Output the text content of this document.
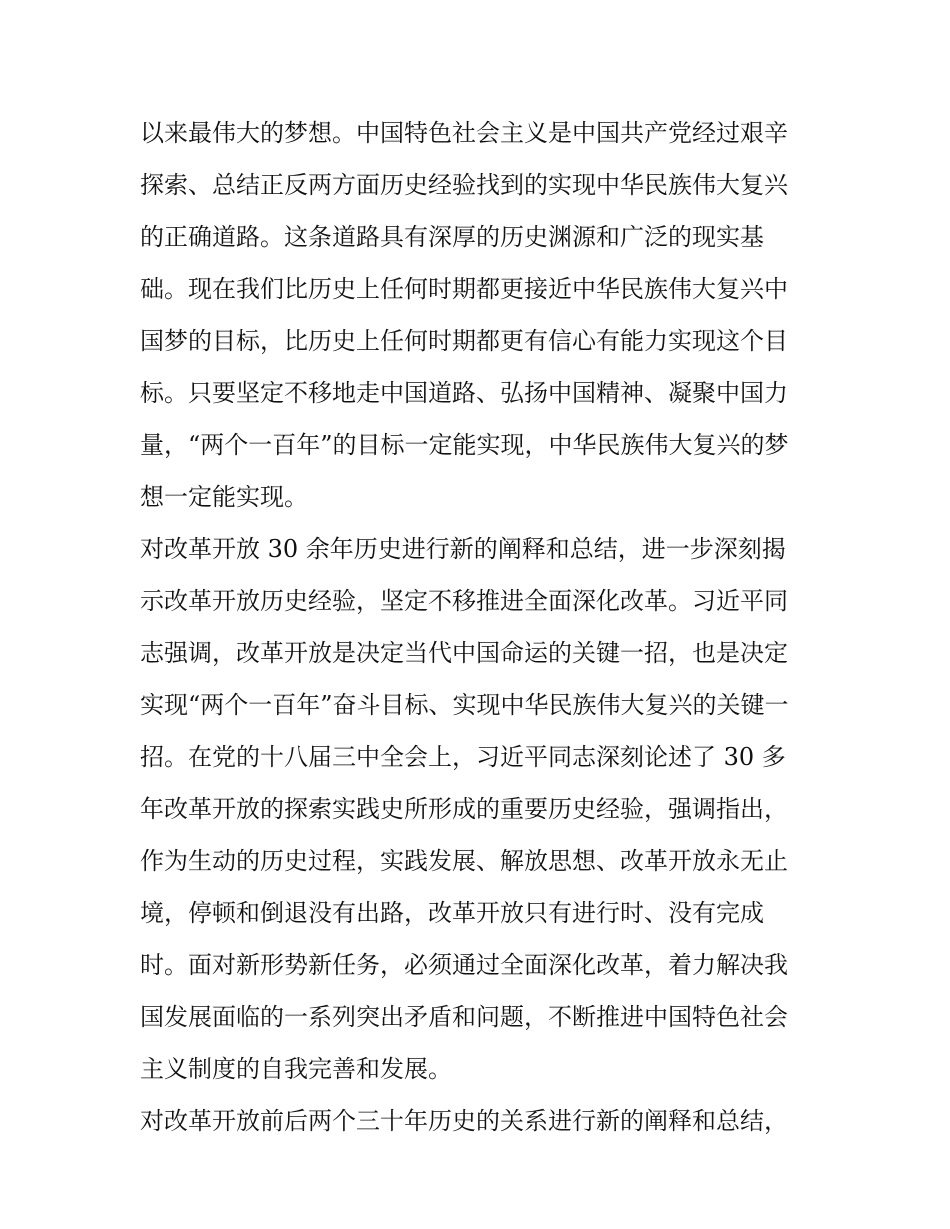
以来最伟大的梦想。中国特色社会主义是中国共产党经过艰辛
探索、总结正反两方面历史经验找到的实现中华民族伟大复兴
的正确道路。这条道路具有深厚的历史渊源和广泛的现实基
础。现在我们比历史上任何时期都更接近中华民族伟大复兴中
国梦的目标，比历史上任何时期都更有信心有能力实现这个目
标。只要坚定不移地走中国道路、弘扬中国精神、凝聚中国力
量，“两个一百年”的目标一定能实现，中华民族伟大复兴的梦
想一定能实现。
对改革开放 30 余年历史进行新的阐释和总结，进一步深刻揭
示改革开放历史经验，坚定不移推进全面深化改革。习近平同
志强调，改革开放是决定当代中国命运的关键一招，也是决定
实现“两个一百年”奋斗目标、实现中华民族伟大复兴的关键一
招。在党的十八届三中全会上，习近平同志深刻论述了 30 多
年改革开放的探索实践史所形成的重要历史经验，强调指出，
作为生动的历史过程，实践发展、解放思想、改革开放永无止
境，停顿和倒退没有出路，改革开放只有进行时、没有完成
时。面对新形势新任务，必须通过全面深化改革，着力解决我
国发展面临的一系列突出矛盾和问题，不断推进中国特色社会
主义制度的自我完善和发展。
对改革开放前后两个三十年历史的关系进行新的阐释和总结，
